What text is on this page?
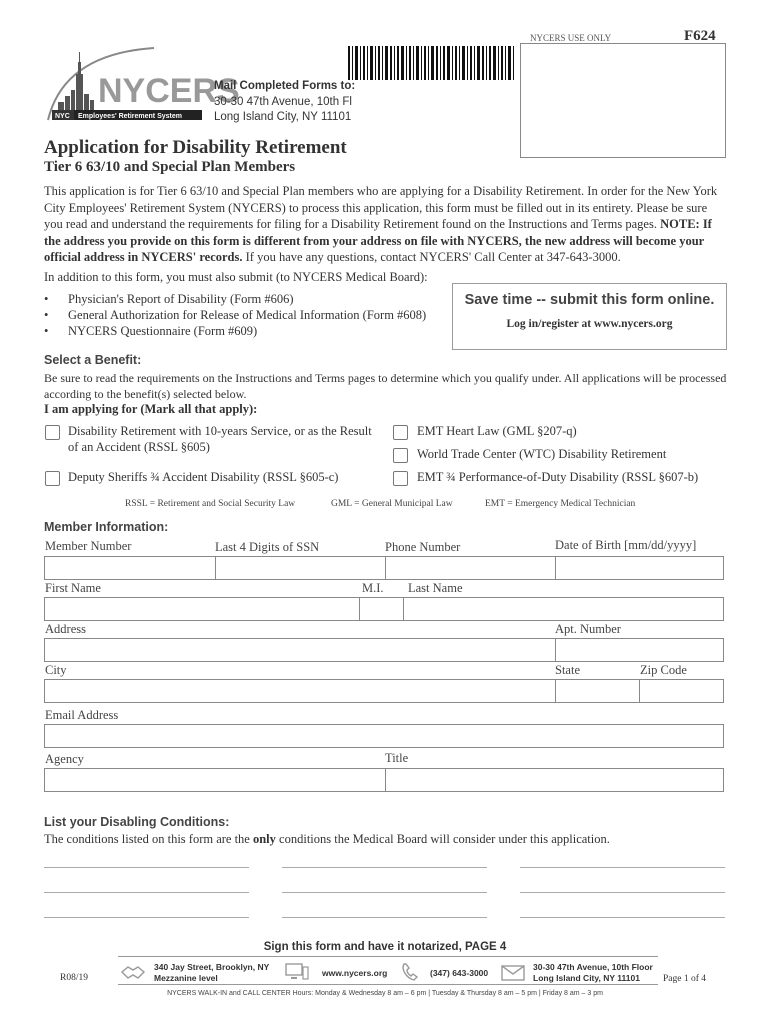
NYCERS
NYC Employees' Retirement System
Mail Completed Forms to:
30-30 47th Avenue, 10th Fl
Long Island City, NY 11101
NYCERS USE ONLY	F624
Application for Disability Retirement
Tier 6 63/10 and Special Plan Members
This application is for Tier 6 63/10 and Special Plan members who are applying for a Disability Retirement. In order for the New York City Employees' Retirement System (NYCERS) to process this application, this form must be filled out in its entirety. Please be sure you read and understand the requirements for filing for a Disability Retirement found on the Instructions and Terms pages. NOTE: If the address you provide on this form is different from your address on file with NYCERS, the new address will become your official address in NYCERS' records. If you have any questions, contact NYCERS' Call Center at 347-643-3000.
In addition to this form, you must also submit (to NYCERS Medical Board):
• Physician's Report of Disability (Form #606)
• General Authorization for Release of Medical Information (Form #608)
• NYCERS Questionnaire (Form #609)
Save time -- submit this form online.
Log in/register at www.nycers.org
Select a Benefit:
Be sure to read the requirements on the Instructions and Terms pages to determine which you qualify under. All applications will be processed according to the benefit(s) selected below.
I am applying for (Mark all that apply):
Disability Retirement with 10-years Service, or as the Result of an Accident (RSSL §605)
EMT Heart Law (GML §207-q)
World Trade Center (WTC) Disability Retirement
Deputy Sheriffs ¾ Accident Disability (RSSL §605-c)	EMT ¾ Performance-of-Duty Disability (RSSL §607-b)
RSSL = Retirement and Social Security Law	GML = General Municipal Law	EMT = Emergency Medical Technician
Member Information:
Member Number	Last 4 Digits of SSN	Phone Number	Date of Birth [mm/dd/yyyy]
First Name	M.I. Last Name
Address	Apt. Number
City	State	Zip Code
Email Address
Agency	Title
List your Disabling Conditions:
The conditions listed on this form are the only conditions the Medical Board will consider under this application.
Sign this form and have it notarized, PAGE 4
340 Jay Street, Brooklyn, NY
Mezzanine level	www.nycers.org	(347) 643-3000
30-30 47th Avenue, 10th Floor
Long Island City, NY 11101
R08/19	Page 1 of 4
NYCERS WALK-IN and CALL CENTER Hours: Monday & Wednesday 8 am – 6 pm | Tuesday & Thursday 8 am – 5 pm | Friday 8 am – 3 pm
